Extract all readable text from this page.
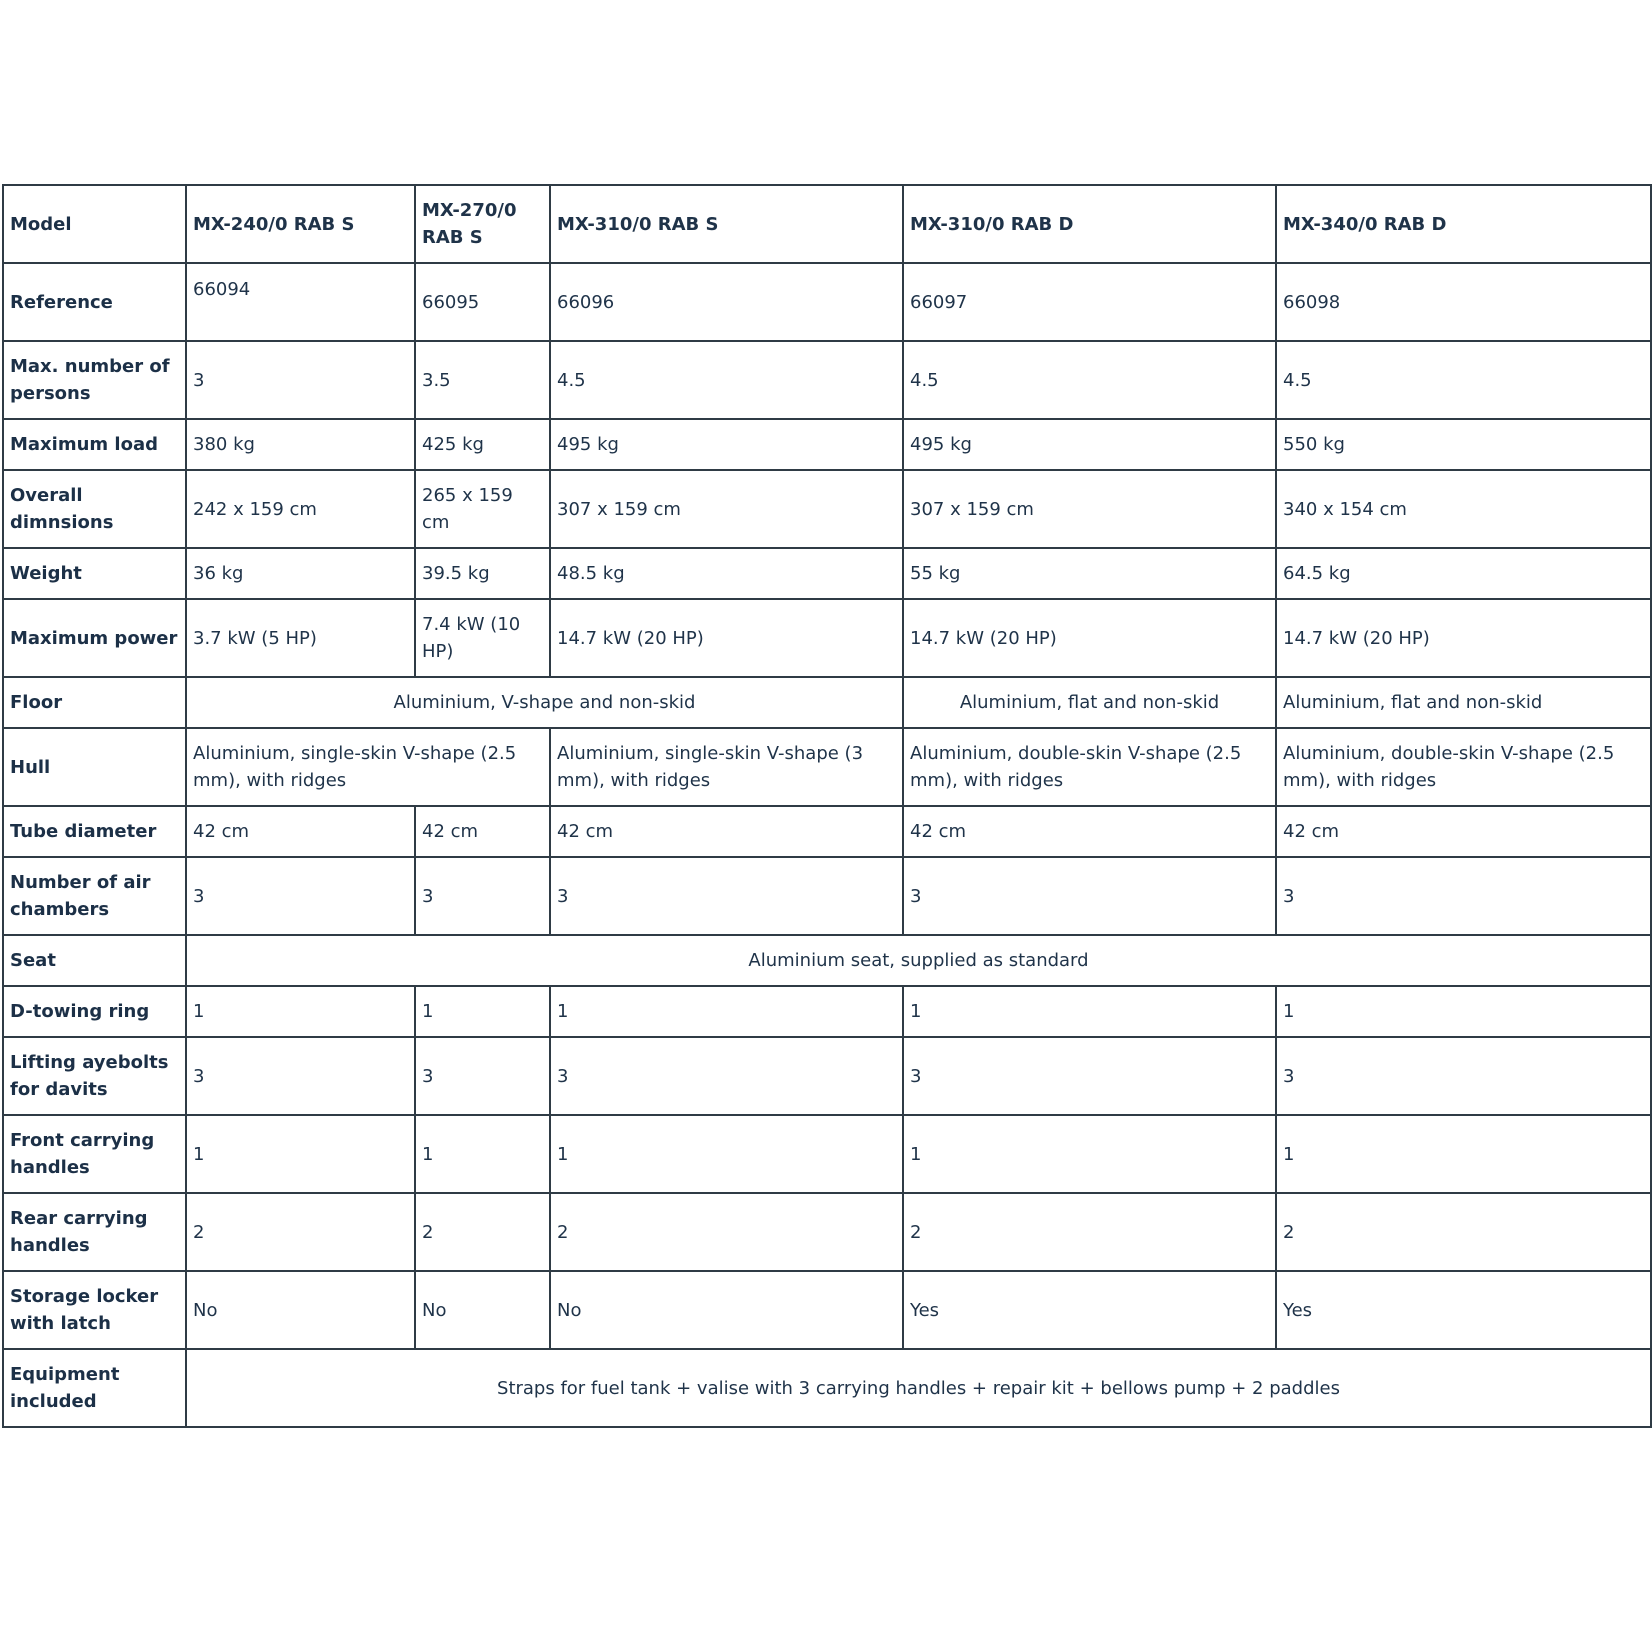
Model	MX-240/0 RAB S	MX-270/0 RAB S	MX-310/0 RAB S	MX-310/0 RAB D	MX-340/0 RAB D
Reference	66094	66095	66096	66097	66098
Max. number of persons	3	3.5	4.5	4.5	4.5
Maximum load	380 kg	425 kg	495 kg	495 kg	550 kg
Overall dimnsions	242 x 159 cm	265 x 159 cm	307 x 159 cm	307 x 159 cm	340 x 154 cm
Weight	36 kg	39.5 kg	48.5 kg	55 kg	64.5 kg
Maximum power	3.7 kW (5 HP)	7.4 kW (10 HP)	14.7 kW (20 HP)	14.7 kW (20 HP)	14.7 kW (20 HP)
Floor	Aluminium, V-shape and non-skid			Aluminium, flat and non-skid	Aluminium, flat and non-skid
Hull	Aluminium, single-skin V-shape (2.5 mm), with ridges		Aluminium, single-skin V-shape (3 mm), with ridges	Aluminium, double-skin V-shape (2.5 mm), with ridges	Aluminium, double-skin V-shape (2.5 mm), with ridges
Tube diameter	42 cm	42 cm	42 cm	42 cm	42 cm
Number of air chambers	3	3	3	3	3
Seat	Aluminium seat, supplied as standard				
D-towing ring	1	1	1	1	1
Lifting ayebolts for davits	3	3	3	3	3
Front carrying handles	1	1	1	1	1
Rear carrying handles	2	2	2	2	2
Storage locker with latch	No	No	No	Yes	Yes
Equipment included	Straps for fuel tank + valise with 3 carrying handles + repair kit + bellows pump + 2 paddles				
